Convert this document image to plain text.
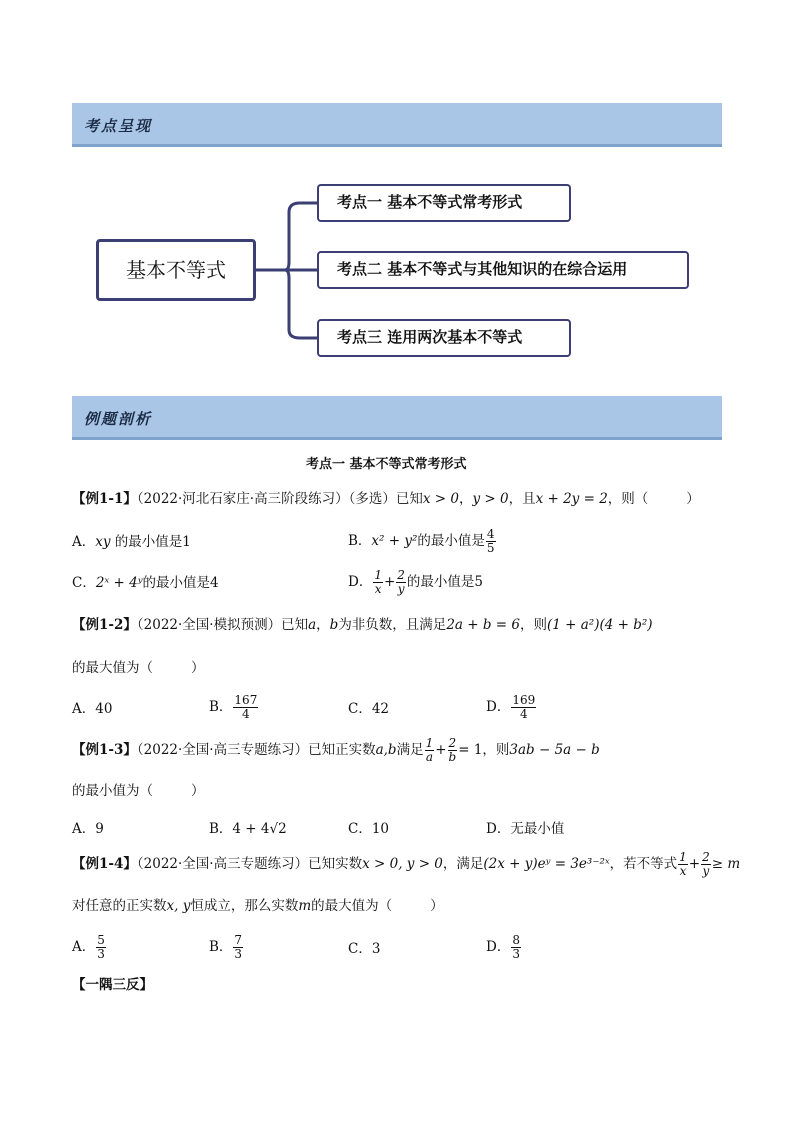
考点呈现
基本不等式
考点一 基本不等式常考形式
考点二 基本不等式与其他知识的在综合运用
考点三 连用两次基本不等式
例题剖析
考点一 基本不等式常考形式
【例1-1】（2022·河北石家庄·高三阶段练习）（多选）已知x > 0，y > 0，且x + 2y = 2，则（	）
A．xy 的最小值是1	B．x² + y²的最小值是 $\frac{4}{5}$
C．2ˣ + 4ʸ的最小值是4	D． $\frac{1}{x} + \frac{2}{y}$ 的最小值是5
【例1-2】（2022·全国·模拟预测）已知a，b为非负数，且满足2a + b = 6，则(1 + a²)(4 + b²)
的最大值为（	）
A．40	B． $\frac{167}{4}$	C．42	D． $\frac{169}{4}$
【例1-3】（2022·全国·高三专题练习）已知正实数a,b满足 $\frac{1}{a} + \frac{2}{b} = 1$，则3ab − 5a − b
的最小值为（	）
A．9	B．4 + 4√2	C．10	D．无最小值
【例1-4】（2022·全国·高三专题练习）已知实数x > 0, y > 0，满足(2x + y)eʸ = 3e³⁻²ˣ，若不等式 $\frac{1}{x} + \frac{2}{y} \ge m$
对任意的正实数x, y恒成立，那么实数m的最大值为（	）
A． $\frac{5}{3}$	B． $\frac{7}{3}$	C．3	D． $\frac{8}{3}$
【一隅三反】
